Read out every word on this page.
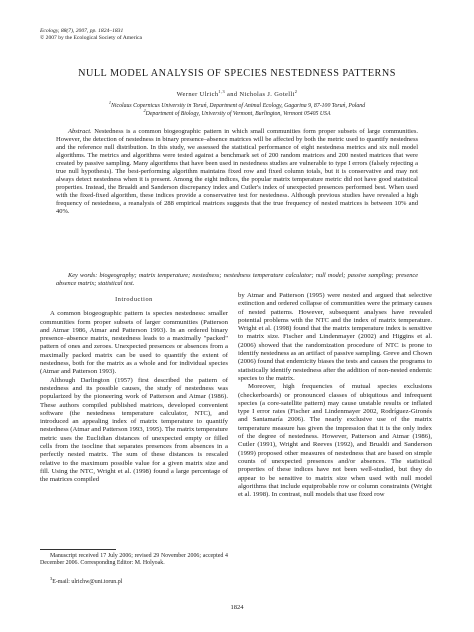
Ecology, 88(7), 2007, pp. 1824–1831
© 2007 by the Ecological Society of America
NULL MODEL ANALYSIS OF SPECIES NESTEDNESS PATTERNS
Werner Ulrich$^{1,3}$ and Nicholas J. Gotelli$^2$
$^1$Nicolaus Copernicus University in Toruń, Department of Animal Ecology, Gagarina 9, 87-100 Toruń, Poland
$^2$Department of Biology, University of Vermont, Burlington, Vermont 05405 USA
Abstract. Nestedness is a common biogeographic pattern in which small communities form proper subsets of large communities. However, the detection of nestedness in binary presence–absence matrices will be affected by both the metric used to quantify nestedness and the reference null distribution. In this study, we assessed the statistical performance of eight nestedness metrics and six null model algorithms. The metrics and algorithms were tested against a benchmark set of 200 random matrices and 200 nested matrices that were created by passive sampling. Many algorithms that have been used in nestedness studies are vulnerable to type I errors (falsely rejecting a true null hypothesis). The best-performing algorithm maintains fixed row and fixed column totals, but it is conservative and may not always detect nestedness when it is present. Among the eight indices, the popular matrix temperature metric did not have good statistical properties. Instead, the Brualdi and Sanderson discrepancy index and Cutler's index of unexpected presences performed best. When used with the fixed-fixed algorithm, these indices provide a conservative test for nestedness. Although previous studies have revealed a high frequency of nestedness, a reanalysis of 288 empirical matrices suggests that the true frequency of nested matrices is between 10% and 40%.
Key words: biogeography; matrix temperature; nestedness; nestedness temperature calculator; null model; passive sampling; presence absence matrix; statistical test.
Introduction

A common biogeographic pattern is species nestedness: smaller communities form proper subsets of larger communities (Patterson and Atmar 1986, Atmar and Patterson 1993). In an ordered binary presence–absence matrix, nestedness leads to a maximally "packed" pattern of ones and zeroes. Unexpected presences or absences from a maximally packed matrix can be used to quantify the extent of nestedness, both for the matrix as a whole and for individual species (Atmar and Patterson 1993).

Although Darlington (1957) first described the pattern of nestedness and its possible causes, the study of nestedness was popularized by the pioneering work of Patterson and Atmar (1986). These authors compiled published matrices, developed convenient software (the nestedness temperature calculator, NTC), and introduced an appealing index of matrix temperature to quantify nestedness (Atmar and Patterson 1993, 1995). The matrix temperature metric uses the Euclidian distances of unexpected empty or filled cells from the isocline that separates presences from absences in a perfectly nested matrix. The sum of these distances is rescaled relative to the maximum possible value for a given matrix size and fill. Using the NTC, Wright et al. (1998) found a large percentage of the matrices compiled

by Atmar and Patterson (1995) were nested and argued that selective extinction and ordered collapse of communities were the primary causes of nested patterns. However, subsequent analyses have revealed potential problems with the NTC and the index of matrix temperature. Wright et al. (1998) found that the matrix temperature index is sensitive to matrix size. Fischer and Lindenmayer (2002) and Higgins et al. (2006) showed that the randomization procedure of NTC is prone to identify nestedness as an artifact of passive sampling. Greve and Chown (2006) found that endemicity biases the tests and causes the programs to statistically identify nestedness after the addition of non-nested endemic species to the matrix.

Moreover, high frequencies of mutual species exclusions (checkerboards) or pronounced classes of ubiquitous and infrequent species (a core-satellite pattern) may cause unstable results or inflated type I error rates (Fischer and Lindenmayer 2002, Rodríguez-Gironés and Santamaría 2006). The nearly exclusive use of the matrix temperature measure has given the impression that it is the only index of the degree of nestedness. However, Patterson and Atmar (1986), Cutler (1991), Wright and Reeves (1992), and Brualdi and Sanderson (1999) proposed other measures of nestedness that are based on simple counts of unexpected presences and/or absences. The statistical properties of these indices have not been well-studied, but they do appear to be sensitive to matrix size when used with null model algorithms that include equiprobable row or column constraints (Wright et al. 1998). In contrast, null models that use fixed row

Manuscript received 17 July 2006; revised 29 November 2006; accepted 4 December 2006. Corresponding Editor: M. Holyoak.

$^3$E-mail: ulrichw@uni.torun.pl
1824
